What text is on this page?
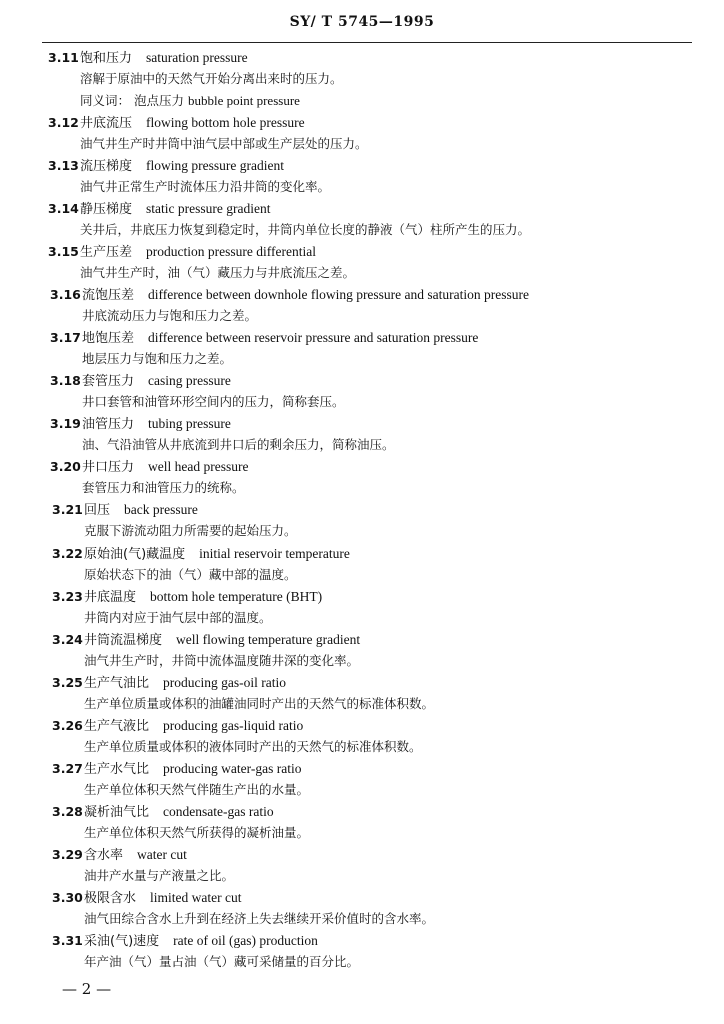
SY/ T 5745—1995
3.11饱和压力 saturation pressure
溶解于原油中的天然气开始分离出来时的压力。
同义词： 泡点压力 bubble point pressure
3.12井底流压 flowing bottom hole pressure
油气井生产时井筒中油气层中部或生产层处的压力。
3.13流压梯度 flowing pressure gradient
油气井正常生产时流体压力沿井筒的变化率。
3.14静压梯度 static pressure gradient
关井后，井底压力恢复到稳定时，井筒内单位长度的静液（气）柱所产生的压力。
3.15生产压差 production pressure differential
油气井生产时，油（气）藏压力与井底流压之差。
3.16流饱压差 difference between downhole flowing pressure and saturation pressure
井底流动压力与饱和压力之差。
3.17地饱压差 difference between reservoir pressure and saturation pressure
地层压力与饱和压力之差。
3.18套管压力 casing pressure
井口套管和油管环形空间内的压力，简称套压。
3.19油管压力 tubing pressure
油、气沿油管从井底流到井口后的剩余压力，简称油压。
3.20井口压力 well head pressure
套管压力和油管压力的统称。
3.21回压 back pressure
克服下游流动阻力所需要的起始压力。
3.22原始油(气)藏温度 initial reservoir temperature
原始状态下的油（气）藏中部的温度。
3.23井底温度 bottom hole temperature (BHT)
井筒内对应于油气层中部的温度。
3.24井筒流温梯度 well flowing temperature gradient
油气井生产时，井筒中流体温度随井深的变化率。
3.25生产气油比 producing gas-oil ratio
生产单位质量或体积的油罐油同时产出的天然气的标准体积数。
3.26生产气液比 producing gas-liquid ratio
生产单位质量或体积的液体同时产出的天然气的标准体积数。
3.27生产水气比 producing water-gas ratio
生产单位体积天然气伴随生产出的水量。
3.28凝析油气比 condensate-gas ratio
生产单位体积天然气所获得的凝析油量。
3.29含水率 water cut
油井产水量与产液量之比。
3.30极限含水 limited water cut
油气田综合含水上升到在经济上失去继续开采价值时的含水率。
3.31采油(气)速度 rate of oil (gas) production
年产油（气）量占油（气）藏可采储量的百分比。
— 2 —
